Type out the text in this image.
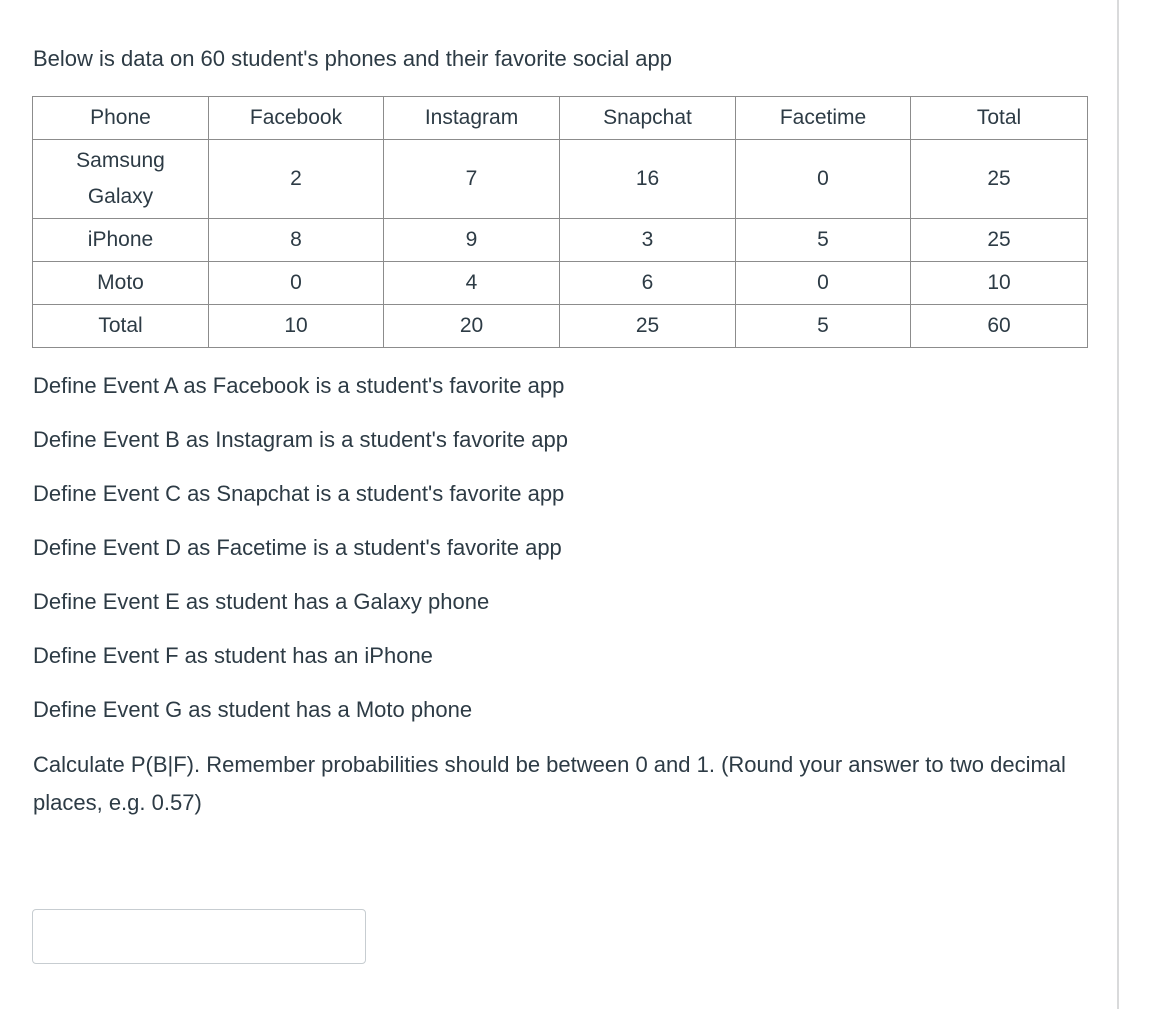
Below is data on 60 student's phones and their favorite social app
Phone	Facebook	Instagram	Snapchat	Facetime	Total
Samsung
Galaxy	2	7	16	0	25
iPhone	8	9	3	5	25
Moto	0	4	6	0	10
Total	10	20	25	5	60
Define Event A as Facebook is a student's favorite app
Define Event B as Instagram is a student's favorite app
Define Event C as Snapchat is a student's favorite app
Define Event D as Facetime is a student's favorite app
Define Event E as student has a Galaxy phone
Define Event F as student has an iPhone
Define Event G as student has a Moto phone
Calculate P(B|F). Remember probabilities should be between 0 and 1. (Round your answer to two decimal places, e.g. 0.57)
